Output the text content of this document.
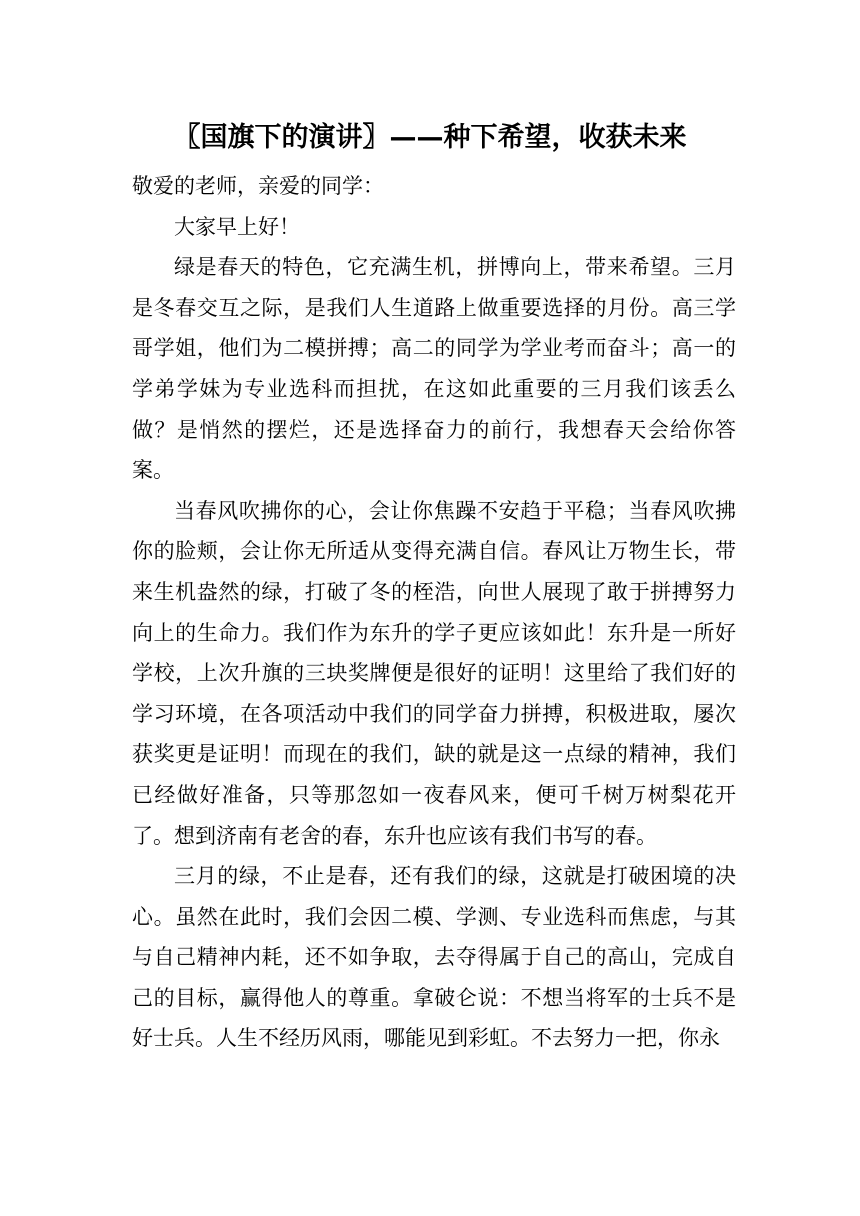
〖国旗下的演讲〗——种下希望，收获未来

敬爱的老师，亲爱的同学：

大家早上好！

绿是春天的特色，它充满生机，拼博向上，带来希望。三月是冬春交互之际，是我们人生道路上做重要选择的月份。高三学哥学姐，他们为二模拼搏；高二的同学为学业考而奋斗；高一的学弟学妹为专业选科而担扰，在这如此重要的三月我们该丢么做？是悄然的摆烂，还是选择奋力的前行，我想春天会给你答案。

当春风吹拂你的心，会让你焦躁不安趋于平稳；当春风吹拂你的脸颊，会让你无所适从变得充满自信。春风让万物生长，带来生机盎然的绿，打破了冬的桎浩，向世人展现了敢于拼搏努力向上的生命力。我们作为东升的学子更应该如此！东升是一所好学校，上次升旗的三块奖牌便是很好的证明！这里给了我们好的学习环境，在各项活动中我们的同学奋力拼搏，积极进取，屡次获奖更是证明！而现在的我们，缺的就是这一点绿的精神，我们已经做好准备，只等那忽如一夜春风来，便可千树万树梨花开了。想到济南有老舍的春，东升也应该有我们书写的春。

三月的绿，不止是春，还有我们的绿，这就是打破困境的决心。虽然在此时，我们会因二模、学测、专业选科而焦虑，与其与自己精神内耗，还不如争取，去夺得属于自己的高山，完成自己的目标，赢得他人的尊重。拿破仑说：不想当将军的士兵不是好士兵。人生不经历风雨，哪能见到彩虹。不去努力一把，你永
